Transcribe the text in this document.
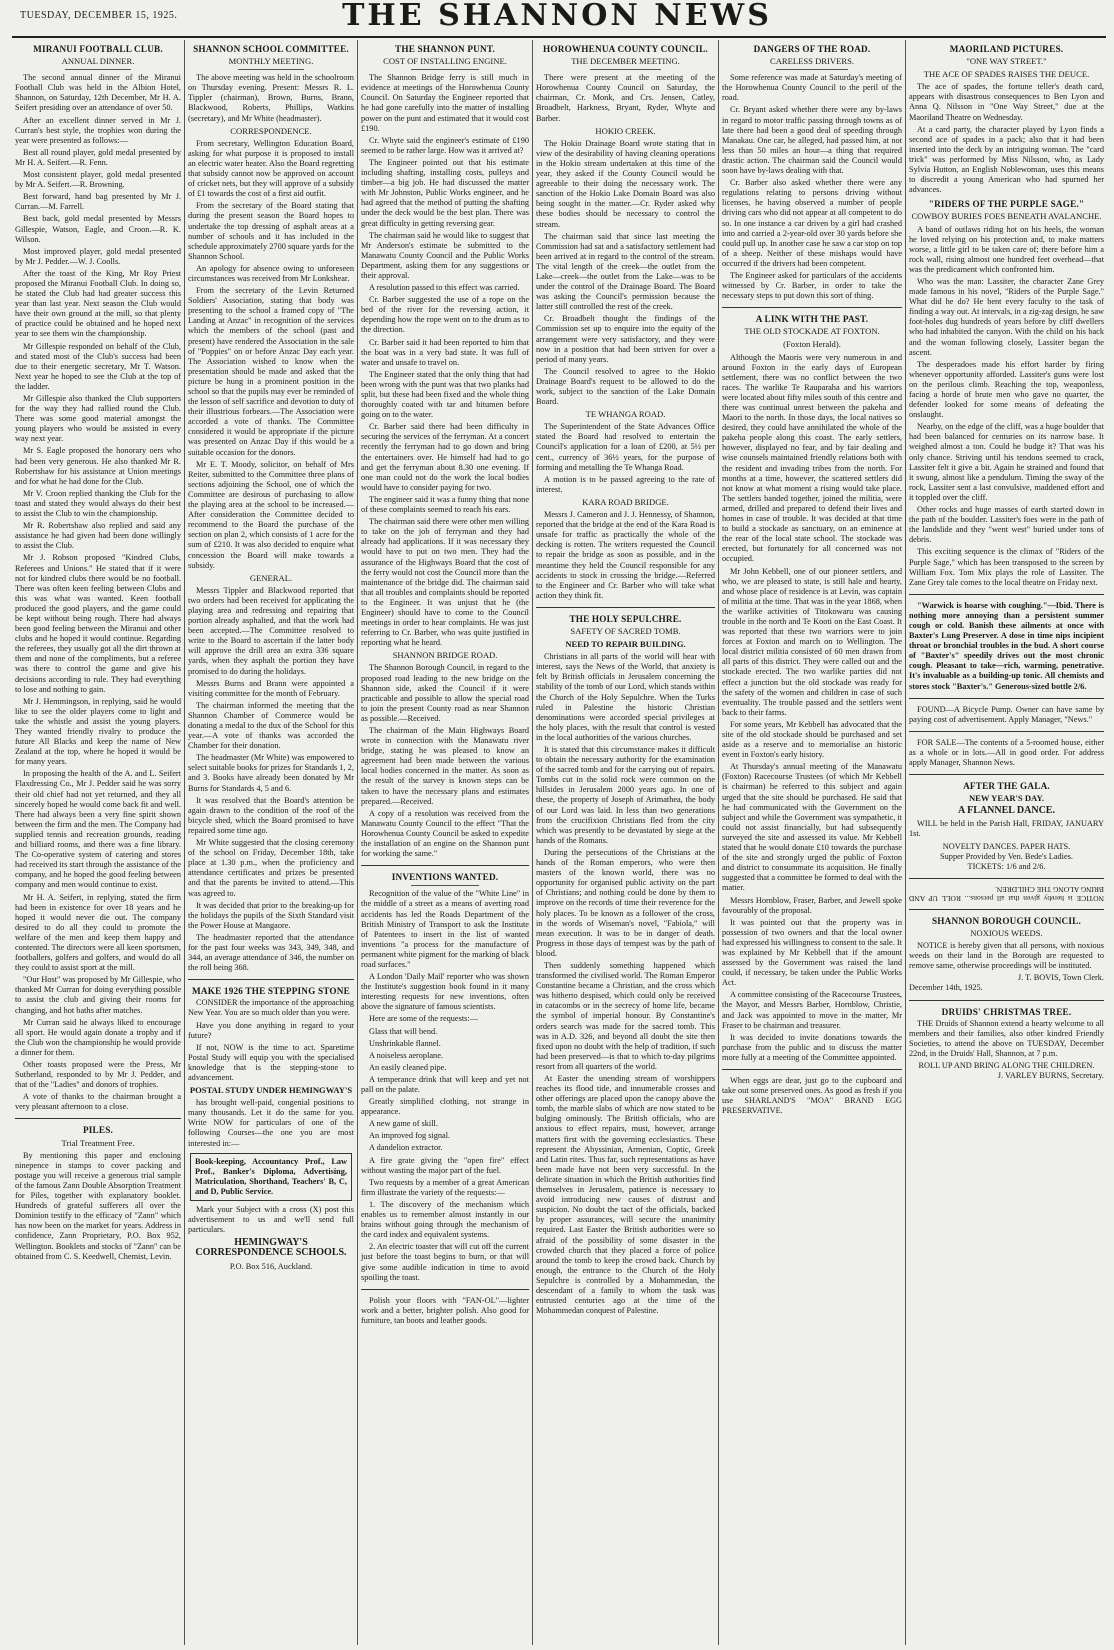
TUESDAY, DECEMBER 15, 1925.	THE SHANNON NEWS
MIRANUI FOOTBALL CLUB.
ANNUAL DINNER.

The second annual dinner of the Miranui Football Club was held in the Albion Hotel, Shannon, on Saturday, 12th December, Mr H. A. Seifert presiding over an attendance of over 50.

After an excellent dinner served in Mr J. Curran's best style, the trophies won during the year were presented as follows:—

Best all round player, gold medal presented by Mr H. A. Seifert.—R. Fenn.

Most consistent player, gold medal presented by Mr A. Seifert.—R. Browning.

Best forward, hand bag presented by Mr J. Curran.—M. Farrell.

Best back, gold medal presented by Messrs Gillespie, Watson, Eagle, and Croon.—R. K. Wilson.

Most improved player, gold medal presented by Mr J. Pedder.—W. J. Coolls.

After the toast of the King, Mr Roy Priest proposed the Miranui Football Club. In doing so, he stated the Club had had greater success this year than last year. Next season the Club would have their own ground at the mill, so that plenty of practice could be obtained and he hoped next year to see them win the championship.

Mr Gillespie responded on behalf of the Club, and stated most of the Club's success had been due to their energetic secretary, Mr T. Watson. Next year he hoped to see the Club at the top of the ladder.

Mr Gillespie also thanked the Club supporters for the way they had rallied round the Club. There was some good material amongst the young players who would be assisted in every way next year.

Mr S. Eagle proposed the honorary oers who had been very generous. He also thanked Mr R. Robertshaw for his assistance at Union meetings and for what he had done for the Club.

Mr V. Croon replied thanking the Club for the toast and stated they would always do their best to assist the Club to win the championship.

Mr R. Robertshaw also replied and said any assistance he had given had been done willingly to assist the Club.

Mr J. Robson proposed "Kindred Clubs, Referees and Unions." He stated that if it were not for kindred clubs there would be no football. There was often keen feeling between Clubs and this was what was wanted. Keen football produced the good players, and the game could be kept without being rough. There had always been good feeling between the Miranui and other clubs and he hoped it would continue. Regarding the referees, they usually got all the dirt thrown at them and none of the compliments, but a referee was there to control the game and give his decisions according to rule. They had everything to lose and nothing to gain.

Mr J. Hemmingson, in replying, said he would like to see the older players come to light and take the whistle and assist the young players. They wanted friendly rivalry to produce the future All Blacks and keep the name of New Zealand at the top, where he hoped it would be for many years.

In proposing the health of the A. and L. Seifert Flaxdressing Co., Mr J. Pedder said he was sorry their old chief had not yet returned, and they all sincerely hoped he would come back fit and well. There had always been a very fine spirit shown between the firm and the men. The Company had supplied tennis and recreation grounds, reading and billiard rooms, and there was a fine library. The Co-operative system of catering and stores had received its start through the assistance of the company, and he hoped the good feeling between company and men would continue to exist.

Mr H. A. Seifert, in replying, stated the firm had been in existence for over 18 years and he hoped it would never die out. The company desired to do all they could to promote the welfare of the men and keep them happy and contented. The directors were all keen sportsmen, footballers, golfers and golfers, and would do all they could to assist sport at the mill.

"Our Host" was proposed by Mr Gillespie, who thanked Mr Curran for doing everything possible to assist the club and giving their rooms for changing, and hot baths after matches.

Mr Curran said he always liked to encourage all sport. He would again donate a trophy and if the Club won the championship he would provide a dinner for them.

Other toasts proposed were the Press, Mr Sutherland, responded to by Mr J. Pedder, and that of the "Ladies" and donors of trophies.

A vote of thanks to the chairman brought a very pleasant afternoon to a close.

PILES.
Trial Treatment Free.

By mentioning this paper and enclosing ninepence in stamps to cover packing and postage you will receive a generous trial sample of the famous Zann Double Absorption Treatment for Piles, together with explanatory booklet. Hundreds of grateful sufferers all over the Dominion testify to the efficacy of "Zann" which has now been on the market for years. Address in confidence, Zann Proprietary, P.O. Box 952, Wellington. Booklets and stocks of "Zann" can be obtained from C. S. Keedwell, Chemist, Levin.

SHANNON SCHOOL COMMITTEE.
MONTHLY MEETING.

The above meeting was held in the schoolroom on Thursday evening. Present: Messrs R. L. Tippler (chairman), Brown, Burns, Brann, Blackwood, Roberts, Phillips, Watkins (secretary), and Mr White (headmaster).

CORRESPONDENCE.

From secretary, Wellington Education Board, asking for what purpose it is proposed to install an electric water heater. Also the Board regretting that subsidy cannot now be approved on account of cricket nets, but they will approve of a subsidy of £1 towards the cost of a first aid outfit.

From the secretary of the Board stating that during the present season the Board hopes to undertake the top dressing of asphalt areas at a number of schools and it has included in the schedule approximately 2700 square yards for the Shannon School.

An apology for absence owing to unforeseen circumstances was received from Mr Lonkshear.

From the secretary of the Levin Returned Soldiers' Association, stating that body was presenting to the school a framed copy of "The Landing at Anzac" in recognition of the services which the members of the school (past and present) have rendered the Association in the sale of "Poppies" on or before Anzac Day each year. The Association wished to know when the presentation should be made and asked that the picture be hung in a prominent position in the school so that the pupils may ever be reminded of the lesson of self sacrifice and devotion to duty of their illustrious forbears.—The Association were accorded a vote of thanks. The Committee considered it would be appropriate if the picture was presented on Anzac Day if this would be a suitable occasion for the donors.

Mr E. T. Moody, solicitor, on behalf of Mrs Reiter, submitted to the Committee three plans of sections adjoining the School, one of which the Committee are desirous of purchasing to allow the playing area at the school to be increased.—After consideration the Committee decided to recommend to the Board the purchase of the section on plan 2, which consists of 1 acre for the sum of £210. It was also decided to enquire what concession the Board will make towards a subsidy.

GENERAL.

Messrs Tippler and Blackwood reported that two orders had been received for applicating the playing area and redressing and repairing that portion already asphalted, and that the work had been accepted.—The Committee resolved to write to the Board to ascertain if the latter body will approve the drill area an extra 336 square yards, when they asphalt the portion they have promised to do during the holidays.

Messrs Burns and Brann were appointed a visiting committee for the month of February.

The chairman informed the meeting that the Shannon Chamber of Commerce would be donating a medal to the dux of the School for this year.—A vote of thanks was accorded the Chamber for their donation.

The headmaster (Mr White) was empowered to select suitable books for prizes for Standards 1, 2, and 3. Books have already been donated by Mr Burns for Standards 4, 5 and 6.

It was resolved that the Board's attention be again drawn to the condition of the roof of the bicycle shed, which the Board promised to have repaired some time ago.

Mr White suggested that the closing ceremony of the school on Friday, December 18th, take place at 1.30 p.m., when the proficiency and attendance certificates and prizes be presented and that the parents be invited to attend.—This was agreed to.

It was decided that prior to the breaking-up for the holidays the pupils of the Sixth Standard visit the Power House at Mangaore.

The headmaster reported that the attendance for the past four weeks was 343, 349, 348, and 344, an average attendance of 346, the number on the roll being 368.

MAKE 1926 THE STEPPING STONE

CONSIDER the importance of the approaching New Year. You are so much older than you were.

Have you done anything in regard to your future?

If not, NOW is the time to act. Sparetime Postal Study will equip you with the specialised knowledge that is the stepping-stone to advancement.

POSTAL STUDY UNDER HEMINGWAY'S

has brought well-paid, congenial positions to many thousands. Let it do the same for you. Write NOW for particulars of one of the following Courses—the one you are most interested in:—

Book-keeping, Accountancy Prof., Law Prof., Banker's Diploma, Advertising, Matriculation, Shorthand, Teachers' B, C, and D, Public Service.

Mark your Subject with a cross (X) post this advertisement to us and we'll send full particulars.

HEMINGWAY'S CORRESPONDENCE SCHOOLS.
P.O. Box 516, Auckland.
THE SHANNON PUNT.
COST OF INSTALLING ENGINE.

The Shannon Bridge ferry is still much in evidence at meetings of the Horowhenua County Council. On Saturday the Engineer reported that he had gone carefully into the matter of installing power on the punt and estimated that it would cost £190.

Cr. Whyte said the engineer's estimate of £190 seemed to be rather large. How was it arrived at?

The Engineer pointed out that his estimate including shafting, installing costs, pulleys and timber—a big job. He had discussed the matter with Mr Johnston, Public Works engineer, and he had agreed that the method of putting the shafting under the deck would be the best plan. There was great difficulty in getting reversing gear.

The chairman said he would like to suggest that Mr Anderson's estimate be submitted to the Manawatu County Council and the Public Works Department, asking them for any suggestions or their approval.

A resolution passed to this effect was carried.

Cr. Barber suggested the use of a rope on the bed of the river for the reversing action, it depending how the rope went on to the drum as to the direction.

Cr. Barber said it had been reported to him that the boat was in a very bad state. It was full of water and unsafe to travel on.

The Engineer stated that the only thing that had been wrong with the punt was that two planks had split, but these had been fixed and the whole thing thoroughly coated with tar and bitumen before going on to the water.

Cr. Barber said there had been difficulty in securing the services of the ferryman. At a concert recently the ferryman had to go down and bring the entertainers over. He himself had had to go and get the ferryman about 8.30 one evening. If one man could not do the work the local bodies would have to consider paying for two.

The engineer said it was a funny thing that none of these complaints seemed to reach his ears.

The chairman said there were other men willing to take on the job of ferryman and they had already had applications. If it was necessary they would have to put on two men. They had the assurance of the Highways Board that the cost of the ferry would not cost the Council more than the maintenance of the bridge did. The chairman said that all troubles and complaints should be reported to the Engineer. It was unjust that he (the Engineer) should have to come to the Council meetings in order to hear complaints. He was just referring to Cr. Barber, who was quite justified in reporting what he heard.

SHANNON BRIDGE ROAD.

The Shannon Borough Council, in regard to the proposed road leading to the new bridge on the Shannon side, asked the Council if it were practicable and possible to allow the special road to join the present County road as near Shannon as possible.—Received.

The chairman of the Main Highways Board wrote in connection with the Manawatu river bridge, stating he was pleased to know an agreement had been made between the various local bodies concerned in the matter. As soon as the result of the survey is known steps can be taken to have the necessary plans and estimates prepared.—Received.

A copy of a resolution was received from the Manawatu County Council to the effect "That the Horowhenua County Council be asked to expedite the installation of an engine on the Shannon punt for working the same."

INVENTIONS WANTED.

Recognition of the value of the "White Line" in the middle of a street as a means of averting road accidents has led the Roads Department of the British Ministry of Transport to ask the Institute of Patentees to insert in the list of wanted inventions "a process for the manufacture of permanent white pigment for the marking of black road surfaces."

A London 'Daily Mail' reporter who was shown the Institute's suggestion book found in it many interesting requests for new inventions, often above the signature of famous scientists.

Here are some of the requests:—

Glass that will bend.

Unshrinkable flannel.

A noiseless aeroplane.

An easily cleaned pipe.

A temperance drink that will keep and yet not pall on the palate.

Greatly simplified clothing, not strange in appearance.

A new game of skill.

An improved fog signal.

A dandelion extractor.

A fire grate giving the "open fire" effect without wasting the major part of the fuel.

Two requests by a member of a great American firm illustrate the variety of the requests:—

1. The discovery of the mechanism which enables us to remember almost instantly in our brains without going through the mechanism of the card index and equivalent systems.

2. An electric toaster that will cut off the current just before the toast begins to burn, or that will give some audible indication in time to avoid spoiling the toast.

Polish your floors with "FAN-OL"—lighter work and a better, brighter polish. Also good for furniture, tan boots and leather goods.

HOROWHENUA COUNTY COUNCIL.
THE DECEMBER MEETING.

There were present at the meeting of the Horowhenua County Council on Saturday, the chairman, Cr. Monk, and Crs. Jensen, Catley, Broadbelt, Harkness, Bryant, Ryder, Whyte and Barber.

HOKIO CREEK.

The Hokio Drainage Board wrote stating that in view of the desirability of having cleaning operations in the Hokio stream undertaken at this time of the year, they asked if the County Council would be agreeable to their doing the necessary work. The sanction of the Hokio Lake Domain Board was also being sought in the matter.—Cr. Ryder asked why these bodies should be necessary to control the stream.

The chairman said that since last meeting the Commission had sat and a satisfactory settlement had been arrived at in regard to the control of the stream. The vital length of the creek—the outlet from the Lake—creek—the outlet from the Lake—was to be under the control of the Drainage Board. The Board was asking the Council's permission because the latter still controlled the rest of the creek.

Cr. Broadbelt thought the findings of the Commission set up to enquire into the equity of the arrangement were very satisfactory, and they were now in a position that had been striven for over a period of many years.

The Council resolved to agree to the Hokio Drainage Board's request to be allowed to do the work, subject to the sanction of the Lake Domain Board.

TE WHANGA ROAD.

The Superintendent of the State Advances Office stated the Board had resolved to entertain the Council's application for a loan of £200, at 5½ per cent., currency of 36½ years, for the purpose of forming and metalling the Te Whanga Road.

A motion is to be passed agreeing to the rate of interest.

KARA ROAD BRIDGE.

Messrs J. Cameron and J. J. Hennessy, of Shannon, reported that the bridge at the end of the Kara Road is unsafe for traffic as practically the whole of the decking is rotten. The writers requested the Council to repair the bridge as soon as possible, and in the meantime they held the Council responsible for any accidents to stock in crossing the bridge.—Referred to the Engineer and Cr. Barber who will take what action they think fit.

THE HOLY SEPULCHRE.
SAFETY OF SACRED TOMB.
NEED TO REPAIR BUILDING.

Christians in all parts of the world will hear with interest, says the News of the World, that anxiety is felt by British officials in Jerusalem concerning the stability of the tomb of our Lord, which stands within the Church of the Holy Sepulchre. When the Turks ruled in Palestine the historic Christian denominations were accorded special privileges at the holy places, with the result that control is vested in the local authorities of the various churches.

It is stated that this circumstance makes it difficult to obtain the necessary authority for the examination of the sacred tomb and for the carrying out of repairs. Tombs cut in the solid rock were common on the hillsides in Jerusalem 2000 years ago. In one of these, the property of Joseph of Arimathea, the body of our Lord was laid. In less than two generations from the crucifixion Christians fled from the city which was presently to be devastated by siege at the hands of the Romans.

During the persecutions of the Christians at the hands of the Roman emperors, who were then masters of the known world, there was no opportunity for organised public activity on the part of Christians; and nothing could be done by them to improve on the records of time their reverence for the holy places. To be known as a follower of the cross, in the words of Wiseman's novel, "Fabiola," will mean execution. It was to be in danger of death. Progress in those days of tempest was by the path of blood.

Then suddenly something happened which transformed the civilised world. The Roman Emperor Constantine became a Christian, and the cross which was hitherto despised, which could only be received in catacombs or in the secrecy of home life, became the symbol of imperial honour. By Constantine's orders search was made for the sacred tomb. This was in A.D. 326, and beyond all doubt the site then fixed upon no doubt with the help of tradition, if such had been preserved—is that to which to-day pilgrims resort from all quarters of the world.

At Easter the unending stream of worshippers reaches its flood tide, and innumerable crosses and other offerings are placed upon the canopy above the tomb, the marble slabs of which are now stated to be bulging ominously. The British officials, who are anxious to effect repairs, must, however, arrange matters first with the governing ecclesiastics. These represent the Abyssinian, Armenian, Coptic, Greek and Latin rites. Thus far, such representations as have been made have not been very successful. In the delicate situation in which the British authorities find themselves in Jerusalem, patience is necessary to avoid introducing new causes of distrust and suspicion. No doubt the tact of the officials, backed by proper assurances, will secure the unanimity required. Last Easter the British authorities were so afraid of the possibility of some disaster in the crowded church that they placed a force of police around the tomb to keep the crowd back. Church by enough, the entrance to the Church of the Holy Sepulchre is controlled by a Mohammedan, the descendant of a family to whom the task was entrusted centuries ago at the time of the Mohammedan conquest of Palestine.

DANGERS OF THE ROAD.
CARELESS DRIVERS.

Some reference was made at Saturday's meeting of the Horowhenua County Council to the peril of the road.

Cr. Bryant asked whether there were any by-laws in regard to motor traffic passing through towns as of late there had been a good deal of speeding through Manakau. One car, he alleged, had passed him, at not less than 50 miles an hour—a thing that required drastic action. The chairman said the Council would soon have by-laws dealing with that.

Cr. Barber also asked whether there were any regulations relating to persons driving without licenses, he having observed a number of people driving cars who did not appear at all competent to do so. In one instance a car driven by a girl had crashed into and carried a 2-year-old over 30 yards before she could pull up. In another case he saw a car stop on top of a sheep. Neither of these mishaps would have occurred if the drivers had been competent.

The Engineer asked for particulars of the accidents witnessed by Cr. Barber, in order to take the necessary steps to put down this sort of thing.

A LINK WITH THE PAST.
THE OLD STOCKADE AT FOXTON.
(Foxton Herald).

Although the Maoris were very numerous in and around Foxton in the early days of European settlement, there was no conflict between the two races. The warlike Te Rauparaha and his warriors were located about fifty miles south of this centre and there was continual unrest between the pakeha and Maori to the north. In those days, the local natives so desired, they could have annihilated the whole of the pakeha people along this coast. The early settlers, however, displayed no fear, and by fair dealing and wise counsels maintained friendly relations both with the resident and invading tribes from the north. For months at a time, however, the scattered settlers did not know at what moment a rising would take place. The settlers banded together, joined the militia, were armed, drilled and prepared to defend their lives and homes in case of trouble. It was decided at that time to build a stockade as sanctuary, on an eminence at the rear of the local state school. The stockade was erected, but fortunately for all concerned was not occupied.

Mr John Kebbell, one of our pioneer settlers, and who, we are pleased to state, is still hale and hearty, and whose place of residence is at Levin, was captain of militia at the time. That was in the year 1868, when the warlike activities of Titokowaru was causing trouble in the north and Te Kooti on the East Coast. It was reported that these two warriors were to join forces at Foxton and march on to Wellington. The local district militia consisted of 60 men drawn from all parts of this district. They were called out and the stockade erected. The two warlike parties did not effect a junction but the old stockade was ready for the safety of the women and children in case of such eventuality. The trouble passed and the settlers went back to their farms.

For some years, Mr Kebbell has advocated that the site of the old stockade should be purchased and set aside as a reserve and to memorialise an historic event in Foxton's early history.

At Thursday's annual meeting of the Manawatu (Foxton) Racecourse Trustees (of which Mr Kebbell is chairman) he referred to this subject and again urged that the site should be purchased. He said that he had communicated with the Government on the subject and while the Government was sympathetic, it could not assist financially, but had subsequently surveyed the site and assessed its value. Mr Kebbell stated that he would donate £10 towards the purchase of the site and strongly urged the public of Foxton and district to consummate its acquisition. He finally suggested that a committee be formed to deal with the matter.

Messrs Hornblow, Fraser, Barber, and Jewell spoke favourably of the proposal.

It was pointed out that the property was in possession of two owners and that the local owner had expressed his willingness to consent to the sale. It was explained by Mr Kebbell that if the amount assessed by the Government was raised the land could, if necessary, be taken under the Public Works Act.

A committee consisting of the Racecourse Trustees, the Mayor, and Messrs Barber, Hornblow, Christie, and Jack was appointed to move in the matter, Mr Fraser to be chairman and treasurer.

It was decided to invite donations towards the purchase from the public and to discuss the matter more fully at a meeting of the Committee appointed.

When eggs are dear, just go to the cupboard and take out some preserved ones. As good as fresh if you use SHARLAND'S "MOA" BRAND EGG PRESERVATIVE.

MAORILAND PICTURES.
"ONE WAY STREET."
THE ACE OF SPADES RAISES THE DEUCE.

The ace of spades, the fortune teller's death card, appears with disastrous consequences to Ben Lyon and Anna Q. Nilsson in "One Way Street," due at the Maoriland Theatre on Wednesday.

At a card party, the character played by Lyon finds a second ace of spades in a pack; also that it had been inserted into the deck by an intriguing woman. The "card trick" was performed by Miss Nilsson, who, as Lady Sylvia Hutton, an English Noblewoman, uses this means to discredit a young American who had spurned her advances.

"RIDERS OF THE PURPLE SAGE."
COWBOY BURIES FOES BENEATH AVALANCHE.

A band of outlaws riding hot on his heels, the woman he loved relying on his protection and, to make matters worse, a little girl to be taken care of; there before him a rock wall, rising almost one hundred feet overhead—that was the predicament which confronted him.

Who was the man: Lassiter, the character Zane Grey made famous in his novel, "Riders of the Purple Sage." What did he do? He bent every faculty to the task of finding a way out. At intervals, in a zig-zag design, he saw foot-holes dug hundreds of years before by cliff dwellers who had inhabited the canyon. With the child on his back and the woman following closely, Lassiter began the ascent.

The desperadoes made his effort harder by firing whenever opportunity afforded. Lassiter's guns were lost on the perilous climb. Reaching the top, weaponless, facing a horde of brute men who gave no quarter, the defender looked for some means of defeating the onslaught.

Nearby, on the edge of the cliff, was a huge boulder that had been balanced for centuries on its narrow base. It weighed almost a ton. Could he budge it? That was his only chance. Striving until his tendons seemed to crack, Lassiter felt it give a bit. Again he strained and found that it swung, almost like a pendulum. Timing the sway of the rock, Lassiter sent a last convulsive, maddened effort and it toppled over the cliff.

Other rocks and huge masses of earth started down in the path of the boulder. Lassiter's foes were in the path of the landslide and they "went west" buried under tons of debris.

This exciting sequence is the climax of "Riders of the Purple Sage," which has been transposed to the screen by William Fox. Tom Mix plays the role of Lassiter. The Zane Grey tale comes to the local theatre on Friday next.

"Warwick is hoarse with coughing."—Ibid. There is nothing more annoying than a persistent summer cough or cold. Banish these ailments at once with Baxter's Lung Preserver. A dose in time nips incipient throat or bronchial troubles in the bud. A short course of "Baxter's" speedily drives out the most chronic cough. Pleasant to take—rich, warming, penetrative. It's invaluable as a building-up tonic. All chemists and stores stock "Baxter's." Generous-sized bottle 2/6.

FOUND—A Bicycle Pump. Owner can have same by paying cost of advertisement. Apply Manager, "News."

FOR SALE—The contents of a 5-roomed house, either as a whole or in lots.—All in good order. For address apply Manager, Shannon News.

AFTER THE GALA.
NEW YEAR'S DAY.
A FLANNEL DANCE.

WILL be held in the Parish Hall, FRIDAY, JANUARY 1st.

NOVELTY DANCES. PAPER HATS.
Supper Provided by Ven. Bede's Ladies.
TICKETS: 1/6 and 2/6.
NOTICE is hereby given that all persons... ROLL UP AND BRING ALONG THE CHILDREN.
SHANNON BOROUGH COUNCIL.
NOXIOUS WEEDS.

NOTICE is hereby given that all persons, with noxious weeds on their land in the Borough are requested to remove same, otherwise proceedings will be instituted.

J. T. BOVIS, Town Clerk.
December 14th, 1925.
DRUIDS' CHRISTMAS TREE.

THE Druids of Shannon extend a hearty welcome to all members and their families, also other kindred Friendly Societies, to attend the above on TUESDAY, December 22nd, in the Druids' Hall, Shannon, at 7 p.m.

ROLL UP AND BRING ALONG THE CHILDREN.
J. VARLEY BURNS, Secretary.
